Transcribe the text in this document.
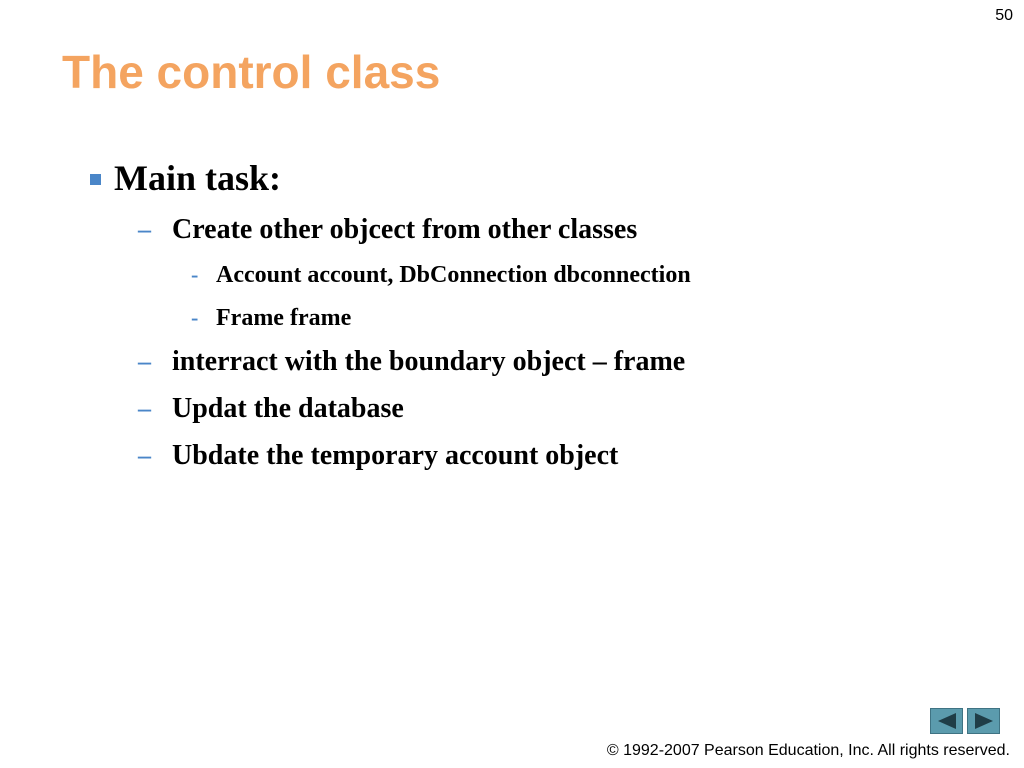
50
The control class
Main task:
– Create other objcect from other classes
- Account account, DbConnection dbconnection
- Frame frame
– interract with the boundary object – frame
– Updat the database
– Ubdate the temporary account object
© 1992-2007 Pearson Education, Inc. All rights reserved.
